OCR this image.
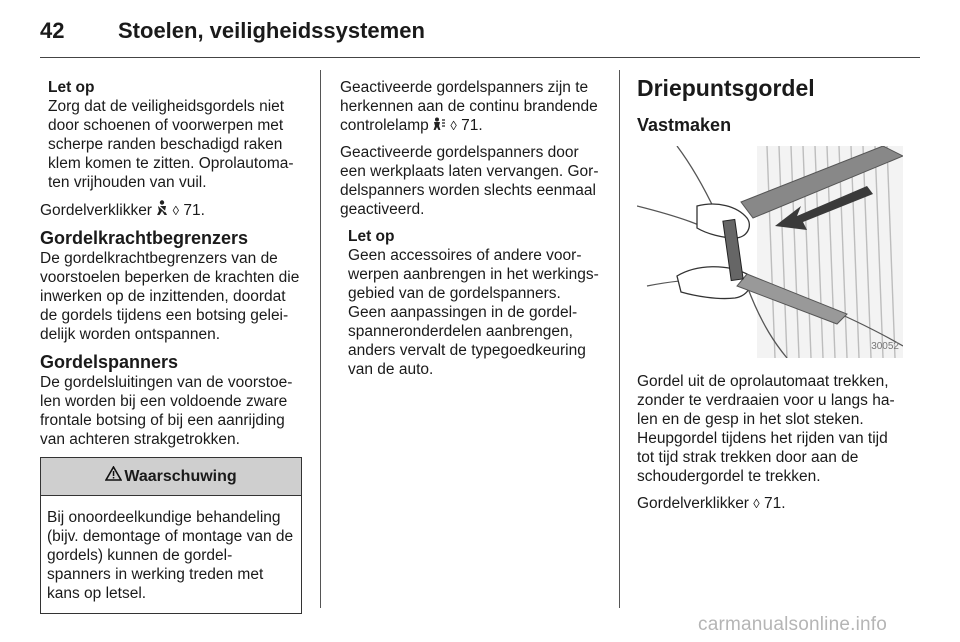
42 Stoelen, veiligheidssystemen
Let op
Zorg dat de veiligheidsgordels niet door schoenen of voorwerpen met scherpe randen beschadigd raken klem komen te zitten. Oprolautoma-ten vrijhouden van vuil.

Gordelverklikker ◊ 71.

Gordelkrachtbegrenzers

De gordelkrachtbegrenzers van de voorstoelen beperken de krachten die inwerken op de inzittenden, doordat de gordels tijdens een botsing gelei-delijk worden ontspannen.

Gordelspanners

De gordelsluitingen van de voorstoe-len worden bij een voldoende zware frontale botsing of bij een aanrijding van achteren strakgetrokken.

Waarschuwing
Bij onoordeelkundige behandeling (bijv. demontage of montage van de gordels) kunnen de gordel-spanners in werking treden met kans op letsel.

Geactiveerde gordelspanners zijn te herkennen aan de continu brandende controlelamp ◊ 71.

Geactiveerde gordelspanners door een werkplaats laten vervangen. Gor-delspanners worden slechts eenmaal geactiveerd.

Let op
Geen accessoires of andere voor-werpen aanbrengen in het werkings-gebied van de gordelspanners. Geen aanpassingen in de gordel-spanneronderdelen aanbrengen, anders vervalt de typegoedkeuring van de auto.
Driepuntsgordel
Vastmaken
30052

Gordel uit de oprolautomaat trekken, zonder te verdraaien voor u langs ha-len en de gesp in het slot steken. Heupgordel tijdens het rijden van tijd tot tijd strak trekken door aan de schoudergordel te trekken.

Gordelverklikker ◊ 71.

carmanualsonline.info
